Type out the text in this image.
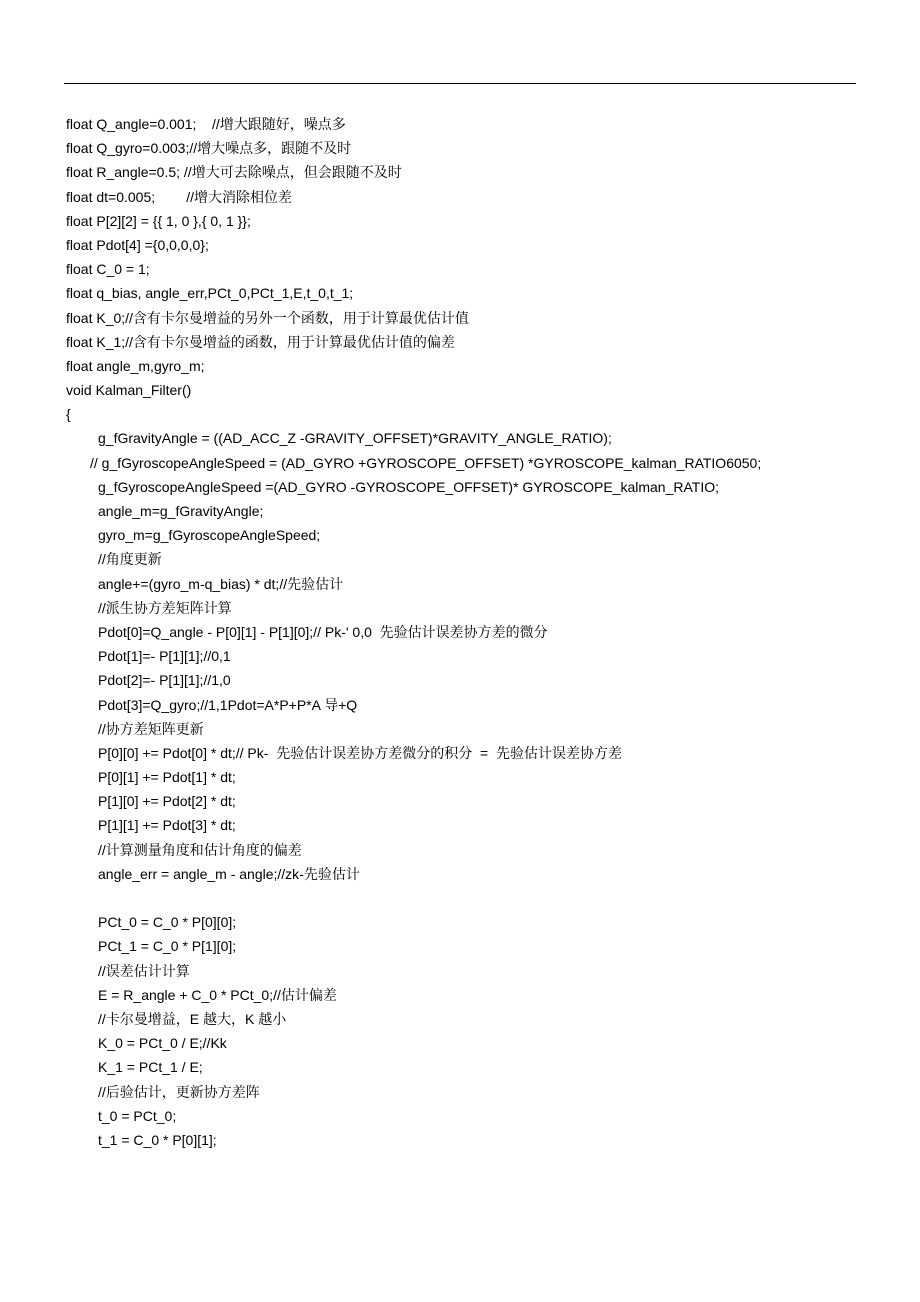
float Q_angle=0.001;    //增大跟随好，噪点多
float Q_gyro=0.003;//增大噪点多，跟随不及时
float R_angle=0.5; //增大可去除噪点，但会跟随不及时
float dt=0.005;        //增大消除相位差
float P[2][2] = {{ 1, 0 },{ 0, 1 }};
float Pdot[4] ={0,0,0,0};
float C_0 = 1;
float q_bias, angle_err,PCt_0,PCt_1,E,t_0,t_1;
float K_0;//含有卡尔曼增益的另外一个函数，用于计算最优估计值
float K_1;//含有卡尔曼增益的函数，用于计算最优估计值的偏差
float angle_m,gyro_m;
void Kalman_Filter()
{
g_fGravityAngle = ((AD_ACC_Z -GRAVITY_OFFSET)*GRAVITY_ANGLE_RATIO);
// g_fGyroscopeAngleSpeed = (AD_GYRO +GYROSCOPE_OFFSET) *GYROSCOPE_kalman_RATIO6050;
g_fGyroscopeAngleSpeed =(AD_GYRO -GYROSCOPE_OFFSET)* GYROSCOPE_kalman_RATIO;
angle_m=g_fGravityAngle;
gyro_m=g_fGyroscopeAngleSpeed;
//角度更新
angle+=(gyro_m-q_bias) * dt;//先验估计
//派生协方差矩阵计算
Pdot[0]=Q_angle - P[0][1] - P[1][0];// Pk-' 0,0  先验估计误差协方差的微分
Pdot[1]=- P[1][1];//0,1
Pdot[2]=- P[1][1];//1,0
Pdot[3]=Q_gyro;//1,1Pdot=A*P+P*A 导+Q
//协方差矩阵更新
P[0][0] += Pdot[0] * dt;// Pk-  先验估计误差协方差微分的积分  =  先验估计误差协方差
P[0][1] += Pdot[1] * dt;
P[1][0] += Pdot[2] * dt;
P[1][1] += Pdot[3] * dt;
//计算测量角度和估计角度的偏差
angle_err = angle_m - angle;//zk-先验估计
PCt_0 = C_0 * P[0][0];
PCt_1 = C_0 * P[1][0];
//误差估计计算
E = R_angle + C_0 * PCt_0;//估计偏差
//卡尔曼增益，E 越大，K 越小
K_0 = PCt_0 / E;//Kk
K_1 = PCt_1 / E;
//后验估计，更新协方差阵
t_0 = PCt_0;
t_1 = C_0 * P[0][1];
